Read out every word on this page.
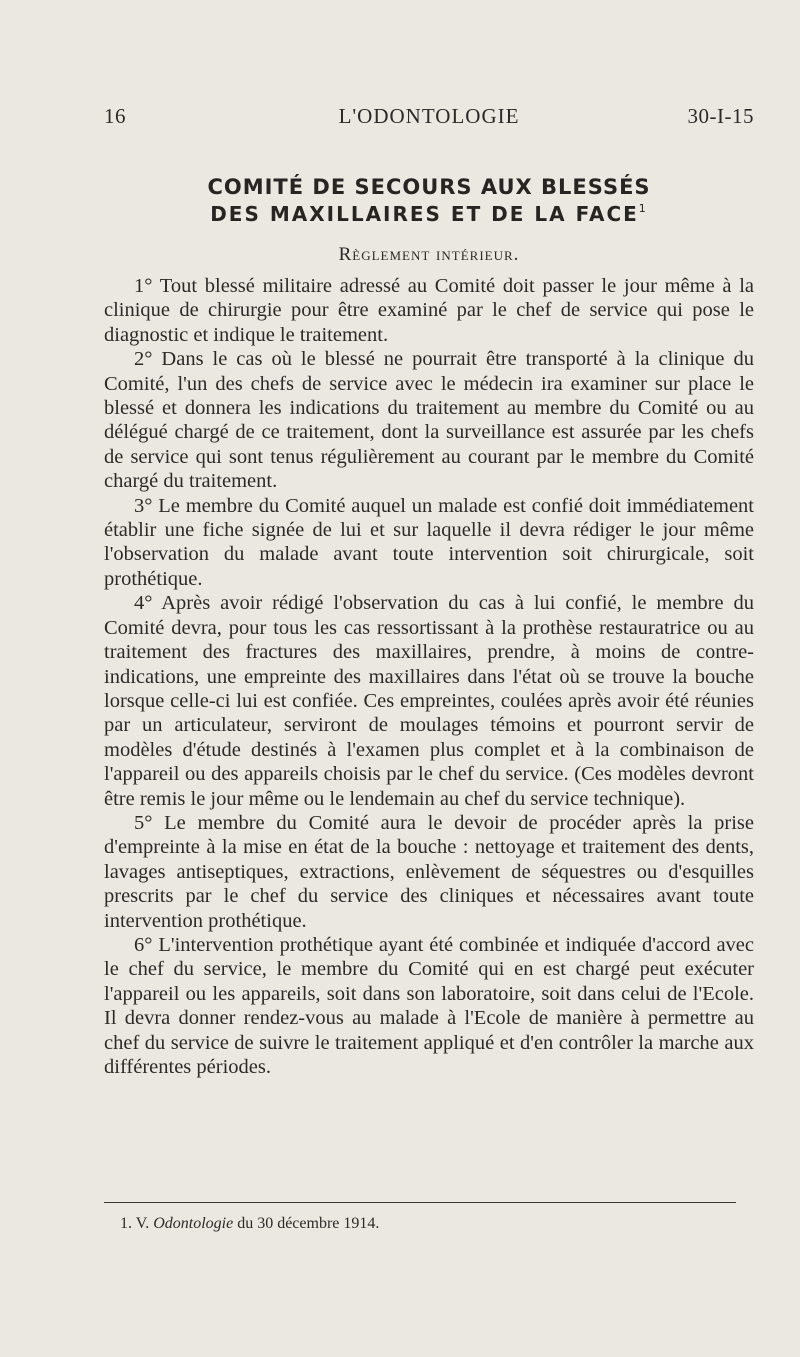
16	L'ODONTOLOGIE	30-I-15
COMITÉ DE SECOURS AUX BLESSÉS
DES MAXILLAIRES ET DE LA FACE$^1$
Règlement intérieur.

1° Tout blessé militaire adressé au Comité doit passer le jour même à la clinique de chirurgie pour être examiné par le chef de service qui pose le diagnostic et indique le traitement.

2° Dans le cas où le blessé ne pourrait être transporté à la clinique du Comité, l'un des chefs de service avec le médecin ira examiner sur place le blessé et donnera les indications du traitement au membre du Comité ou au délégué chargé de ce traitement, dont la surveillance est assurée par les chefs de service qui sont tenus régulièrement au courant par le membre du Comité chargé du traitement.

3° Le membre du Comité auquel un malade est confié doit immédiatement établir une fiche signée de lui et sur laquelle il devra rédiger le jour même l'observation du malade avant toute intervention soit chirurgicale, soit prothétique.

4° Après avoir rédigé l'observation du cas à lui confié, le membre du Comité devra, pour tous les cas ressortissant à la prothèse restauratrice ou au traitement des fractures des maxillaires, prendre, à moins de contre-indications, une empreinte des maxillaires dans l'état où se trouve la bouche lorsque celle-ci lui est confiée. Ces empreintes, coulées après avoir été réunies par un articulateur, serviront de moulages témoins et pourront servir de modèles d'étude destinés à l'examen plus complet et à la combinaison de l'appareil ou des appareils choisis par le chef du service. (Ces modèles devront être remis le jour même ou le lendemain au chef du service technique).

5° Le membre du Comité aura le devoir de procéder après la prise d'empreinte à la mise en état de la bouche : nettoyage et traitement des dents, lavages antiseptiques, extractions, enlèvement de séquestres ou d'esquilles prescrits par le chef du service des cliniques et nécessaires avant toute intervention prothétique.

6° L'intervention prothétique ayant été combinée et indiquée d'accord avec le chef du service, le membre du Comité qui en est chargé peut exécuter l'appareil ou les appareils, soit dans son laboratoire, soit dans celui de l'Ecole. Il devra donner rendez-vous au malade à l'Ecole de manière à permettre au chef du service de suivre le traitement appliqué et d'en contrôler la marche aux différentes périodes.

1. V. Odontologie du 30 décembre 1914.
